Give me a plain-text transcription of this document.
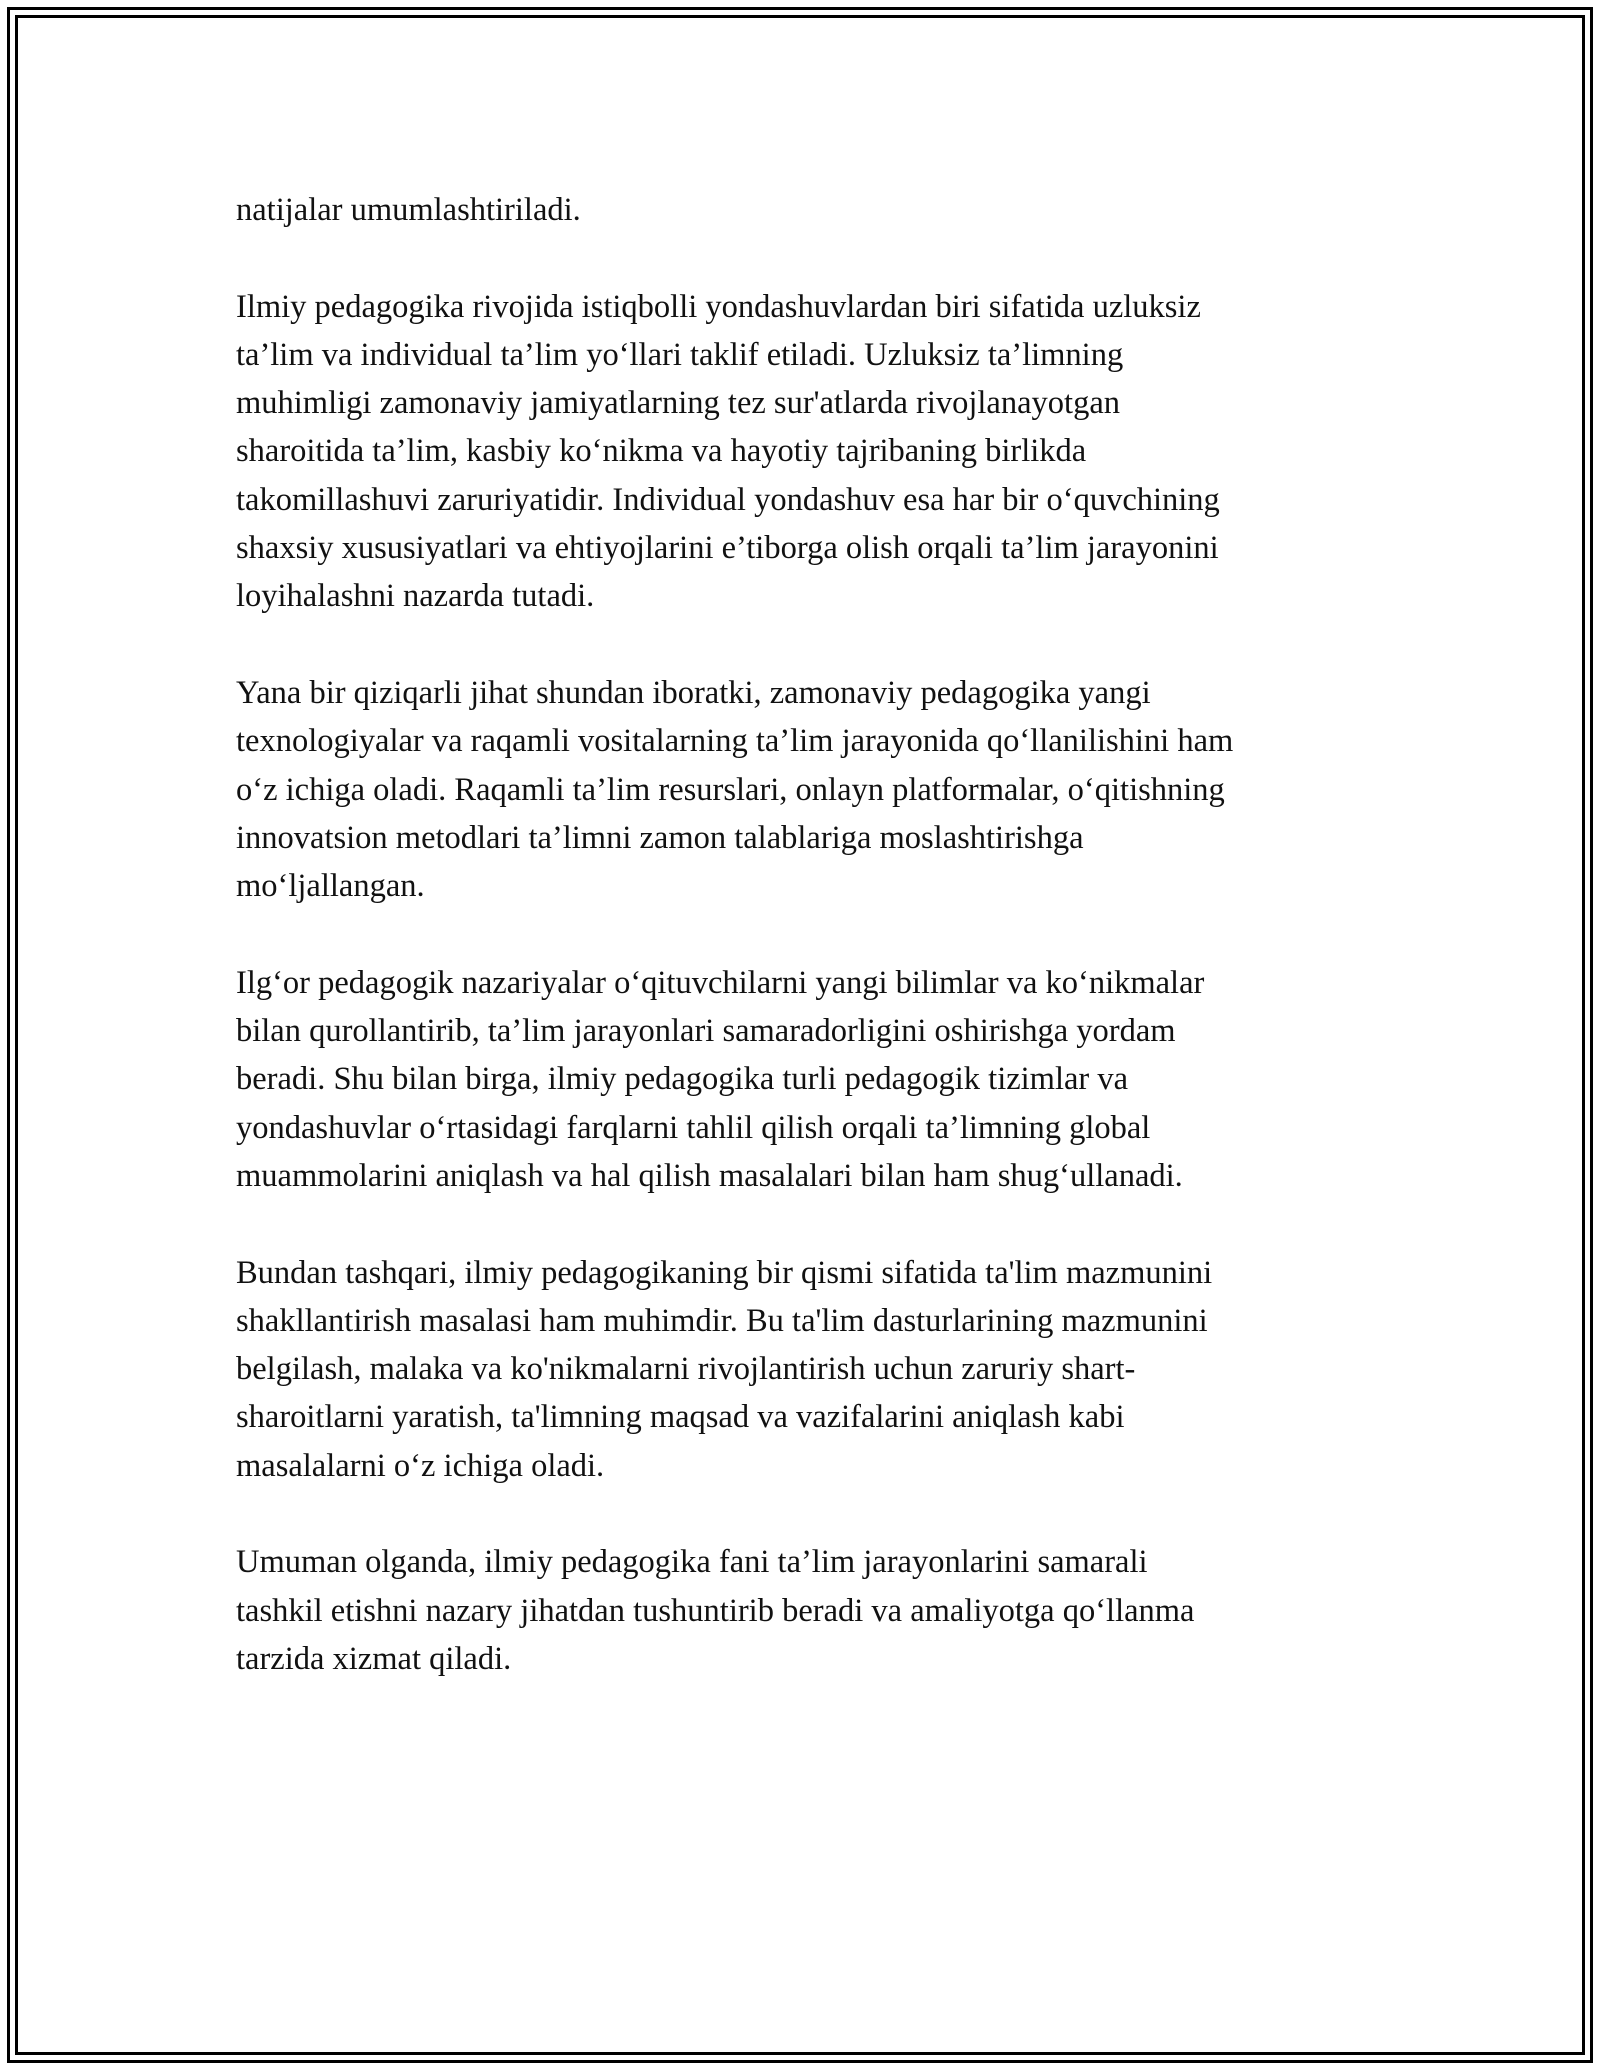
natijalar umumlashtiriladi.

Ilmiy pedagogika rivojida istiqbolli yondashuvlardan biri sifatida uzluksiz
ta’lim va individual ta’lim yo‘llari taklif etiladi. Uzluksiz ta’limning
muhimligi zamonaviy jamiyatlarning tez sur'atlarda rivojlanayotgan
sharoitida ta’lim, kasbiy ko‘nikma va hayotiy tajribaning birlikda
takomillashuvi zaruriyatidir. Individual yondashuv esa har bir o‘quvchining
shaxsiy xususiyatlari va ehtiyojlarini e’tiborga olish orqali ta’lim jarayonini
loyihalashni nazarda tutadi.

Yana bir qiziqarli jihat shundan iboratki, zamonaviy pedagogika yangi
texnologiyalar va raqamli vositalarning ta’lim jarayonida qo‘llanilishini ham
o‘z ichiga oladi. Raqamli ta’lim resurslari, onlayn platformalar, o‘qitishning
innovatsion metodlari ta’limni zamon talablariga moslashtirishga
mo‘ljallangan.

Ilg‘or pedagogik nazariyalar o‘qituvchilarni yangi bilimlar va ko‘nikmalar
bilan qurollantirib, ta’lim jarayonlari samaradorligini oshirishga yordam
beradi. Shu bilan birga, ilmiy pedagogika turli pedagogik tizimlar va
yondashuvlar o‘rtasidagi farqlarni tahlil qilish orqali ta’limning global
muammolarini aniqlash va hal qilish masalalari bilan ham shug‘ullanadi.

Bundan tashqari, ilmiy pedagogikaning bir qismi sifatida ta'lim mazmunini
shakllantirish masalasi ham muhimdir. Bu ta'lim dasturlarining mazmunini
belgilash, malaka va ko'nikmalarni rivojlantirish uchun zaruriy shart-
sharoitlarni yaratish, ta'limning maqsad va vazifalarini aniqlash kabi
masalalarni o‘z ichiga oladi.

Umuman olganda, ilmiy pedagogika fani ta’lim jarayonlarini samarali
tashkil etishni nazary jihatdan tushuntirib beradi va amaliyotga qo‘llanma
tarzida xizmat qiladi.
